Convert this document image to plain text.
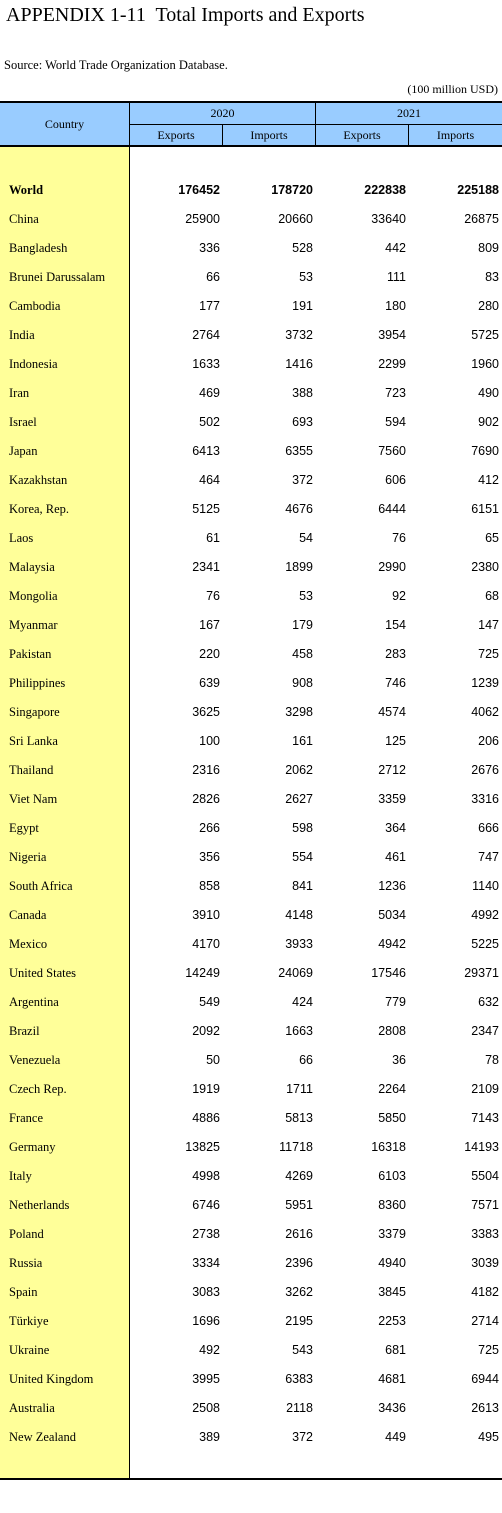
APPENDIX 1-11  Total Imports and Exports
Source: World Trade Organization Database.
(100 million USD)
Country
2020	2021
Exports	Imports	Exports	Imports
World	176452	178720	222838	225188
China	25900	20660	33640	26875
Bangladesh	336	528	442	809
Brunei Darussalam	66	53	111	83
Cambodia	177	191	180	280
India	2764	3732	3954	5725
Indonesia	1633	1416	2299	1960
Iran	469	388	723	490
Israel	502	693	594	902
Japan	6413	6355	7560	7690
Kazakhstan	464	372	606	412
Korea, Rep.	5125	4676	6444	6151
Laos	61	54	76	65
Malaysia	2341	1899	2990	2380
Mongolia	76	53	92	68
Myanmar	167	179	154	147
Pakistan	220	458	283	725
Philippines	639	908	746	1239
Singapore	3625	3298	4574	4062
Sri Lanka	100	161	125	206
Thailand	2316	2062	2712	2676
Viet Nam	2826	2627	3359	3316
Egypt	266	598	364	666
Nigeria	356	554	461	747
South Africa	858	841	1236	1140
Canada	3910	4148	5034	4992
Mexico	4170	3933	4942	5225
United States	14249	24069	17546	29371
Argentina	549	424	779	632
Brazil	2092	1663	2808	2347
Venezuela	50	66	36	78
Czech Rep.	1919	1711	2264	2109
France	4886	5813	5850	7143
Germany	13825	11718	16318	14193
Italy	4998	4269	6103	5504
Netherlands	6746	5951	8360	7571
Poland	2738	2616	3379	3383
Russia	3334	2396	4940	3039
Spain	3083	3262	3845	4182
Türkiye	1696	2195	2253	2714
Ukraine	492	543	681	725
United Kingdom	3995	6383	4681	6944
Australia	2508	2118	3436	2613
New Zealand	389	372	449	495
